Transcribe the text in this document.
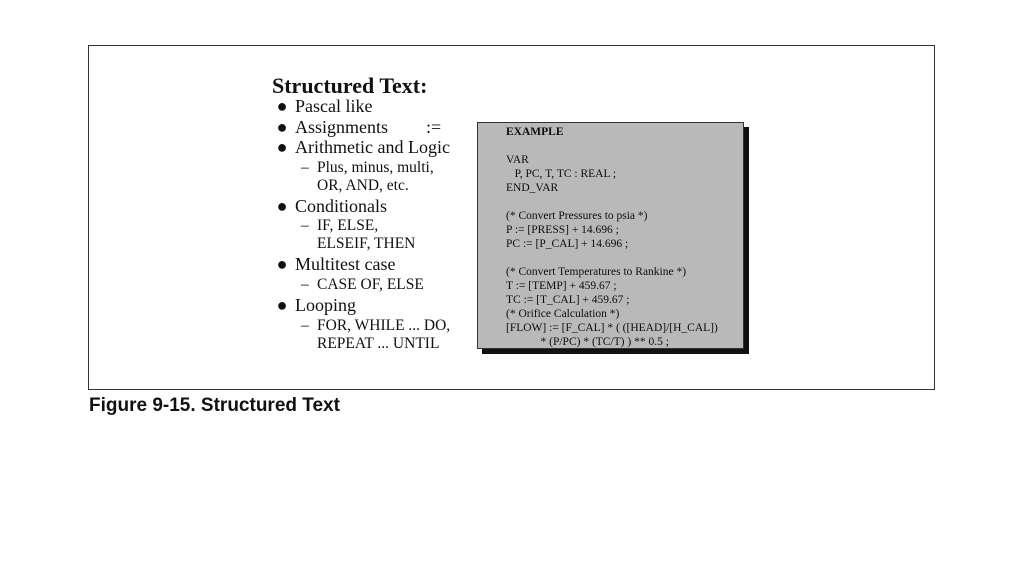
Structured Text:
● Pascal like
● Assignments :=
● Arithmetic and Logic
– Plus, minus, multi,
OR, AND, etc.
● Conditionals
– IF, ELSE,
ELSEIF, THEN
● Multitest case
– CASE OF, ELSE
● Looping
– FOR, WHILE ... DO,
REPEAT ... UNTIL
EXAMPLE
VAR
P, PC, T, TC : REAL ;
END_VAR
(* Convert Pressures to psia *)
P := [PRESS] + 14.696 ;
PC := [P_CAL] + 14.696 ;
(* Convert Temperatures to Rankine *)
T := [TEMP] + 459.67 ;
TC := [T_CAL] + 459.67 ;
(* Orifice Calculation *)
[FLOW] := [F_CAL] * ( ([HEAD]/[H_CAL])
* (P/PC) * (TC/T) ) ** 0.5 ;
Figure 9-15. Structured Text
